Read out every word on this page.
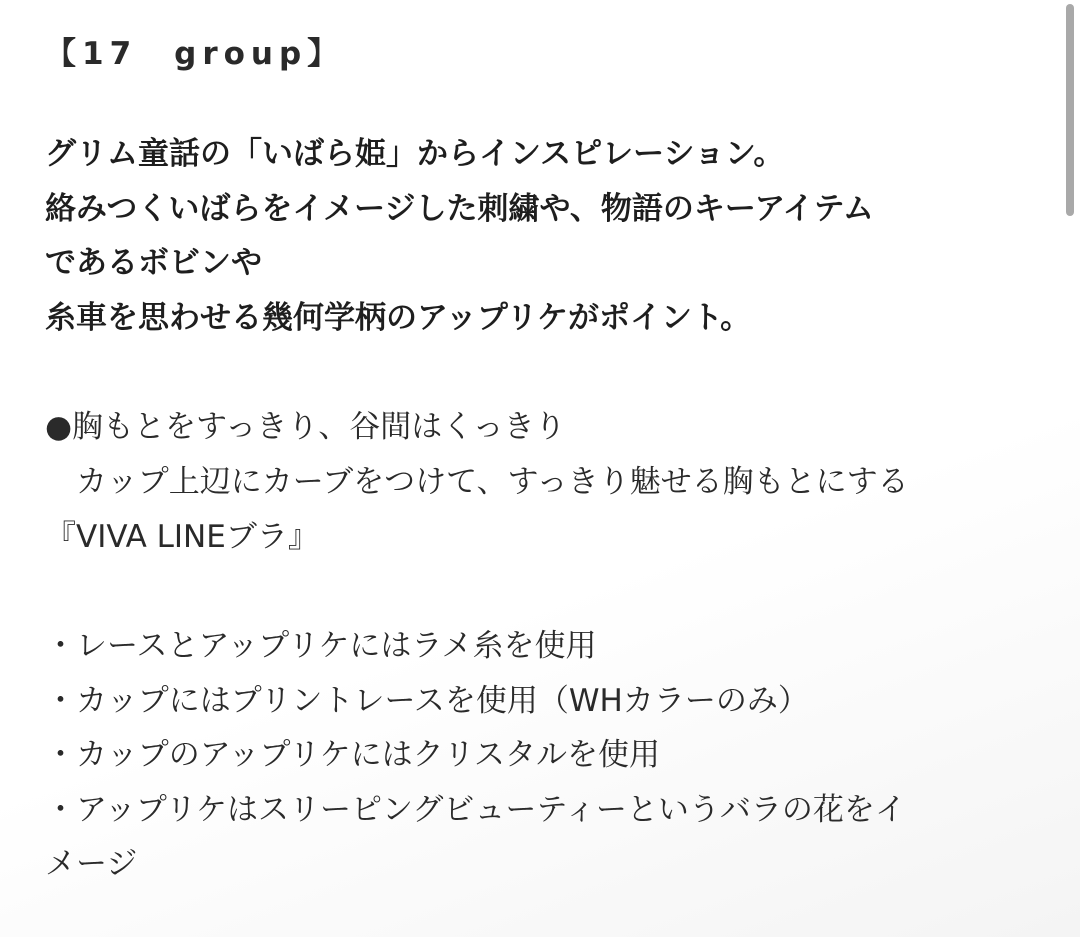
【17　group】
グリム童話の「いばら姫」からインスピレーション。
絡みつくいばらをイメージした刺繍や、物語のキーアイテム
であるボビンや
糸車を思わせる幾何学柄のアップリケがポイント。
●胸もとをすっきり、谷間はくっきり
　カップ上辺にカーブをつけて、すっきり魅せる胸もとにする
『VIVA LINEブラ』
・レースとアップリケにはラメ糸を使用
・カップにはプリントレースを使用（WHカラーのみ）
・カップのアップリケにはクリスタルを使用
・アップリケはスリーピングビューティーというバラの花をイ
メージ
